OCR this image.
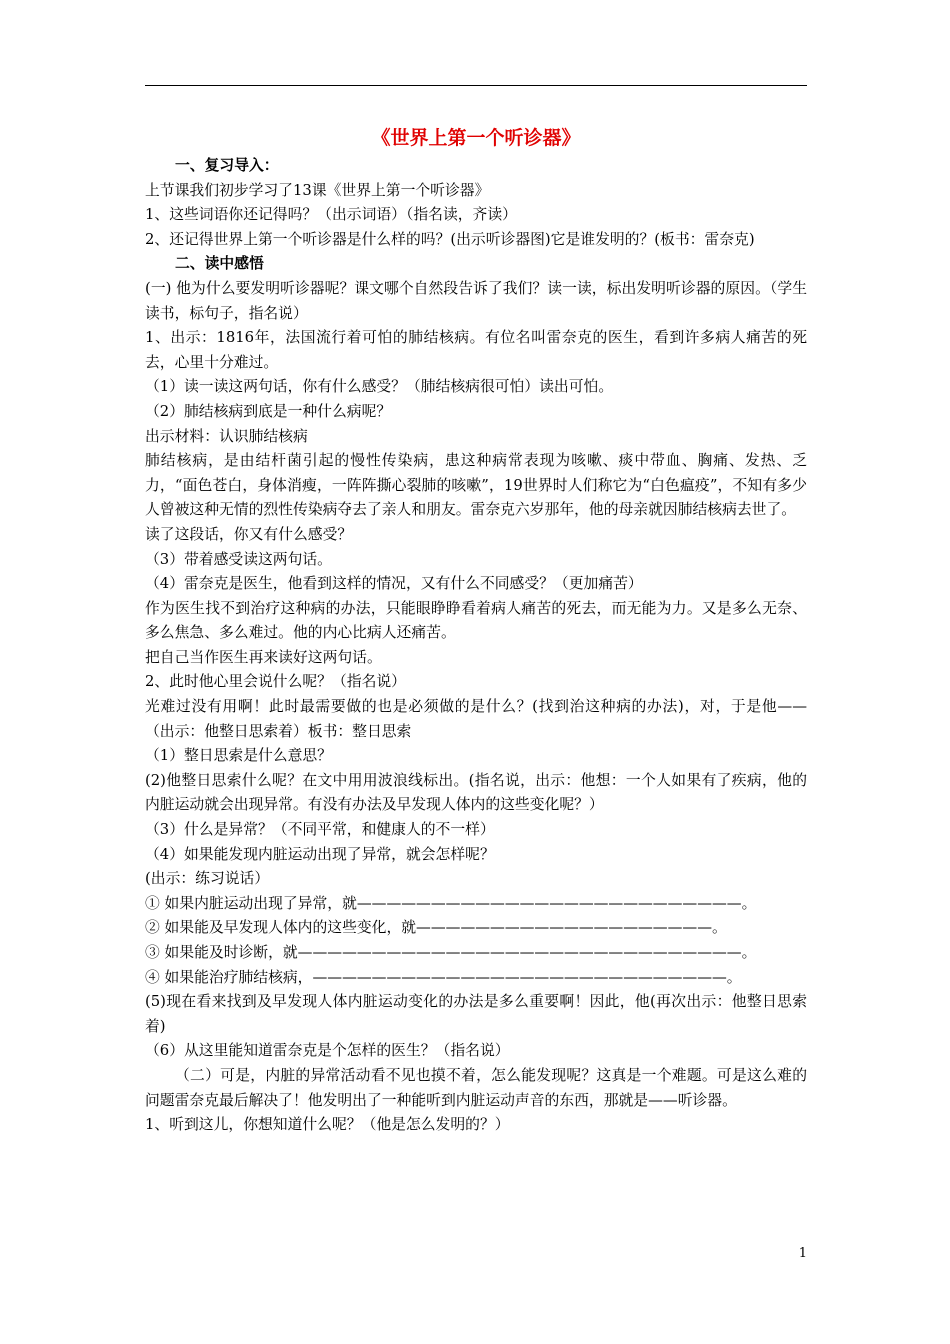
《世界上第一个听诊器》
一、复习导入：
上节课我们初步学习了13课《世界上第一个听诊器》
1、这些词语你还记得吗？（出示词语）（指名读，齐读）
2、还记得世界上第一个听诊器是什么样的吗？(出示听诊器图)它是谁发明的？(板书：雷奈克)
二、读中感悟
(一) 他为什么要发明听诊器呢？课文哪个自然段告诉了我们？读一读，标出发明听诊器的原因。（学生读书，标句子，指名说）
1、出示：1816年，法国流行着可怕的肺结核病。有位名叫雷奈克的医生，看到许多病人痛苦的死去，心里十分难过。
（1）读一读这两句话，你有什么感受？（肺结核病很可怕）读出可怕。
（2）肺结核病到底是一种什么病呢？
出示材料：认识肺结核病
肺结核病，是由结杆菌引起的慢性传染病，患这种病常表现为咳嗽、痰中带血、胸痛、发热、乏力，“面色苍白，身体消瘦，一阵阵撕心裂肺的咳嗽”，19世界时人们称它为“白色瘟疫”，不知有多少人曾被这种无情的烈性传染病夺去了亲人和朋友。雷奈克六岁那年，他的母亲就因肺结核病去世了。
读了这段话，你又有什么感受？
（3）带着感受读这两句话。
（4）雷奈克是医生，他看到这样的情况，又有什么不同感受？（更加痛苦）
作为医生找不到治疗这种病的办法，只能眼睁睁看着病人痛苦的死去，而无能为力。又是多么无奈、多么焦急、多么难过。他的内心比病人还痛苦。
把自己当作医生再来读好这两句话。
2、此时他心里会说什么呢？（指名说）
光难过没有用啊！此时最需要做的也是必须做的是什么？(找到治这种病的办法)，对，于是他——（出示：他整日思索着）板书：整日思索
（1）整日思索是什么意思？
(2)他整日思索什么呢？在文中用用波浪线标出。(指名说，出示：他想：一个人如果有了疾病，他的内脏运动就会出现异常。有没有办法及早发现人体内的这些变化呢？）
（3）什么是异常？（不同平常，和健康人的不一样）
（4）如果能发现内脏运动出现了异常，就会怎样呢？
(出示：练习说话）
① 如果内脏运动出现了异常，就——————————————————————————。
② 如果能及早发现人体内的这些变化，就————————————————————。
③ 如果能及时诊断，就——————————————————————————————。
④ 如果能治疗肺结核病，————————————————————————————。
(5)现在看来找到及早发现人体内脏运动变化的办法是多么重要啊！因此，他(再次出示：他整日思索着)
（6）从这里能知道雷奈克是个怎样的医生？（指名说）
（二）可是，内脏的异常活动看不见也摸不着，怎么能发现呢？这真是一个难题。可是这么难的问题雷奈克最后解决了！他发明出了一种能听到内脏运动声音的东西，那就是——听诊器。
1、听到这儿，你想知道什么呢？（他是怎么发明的？）
1
